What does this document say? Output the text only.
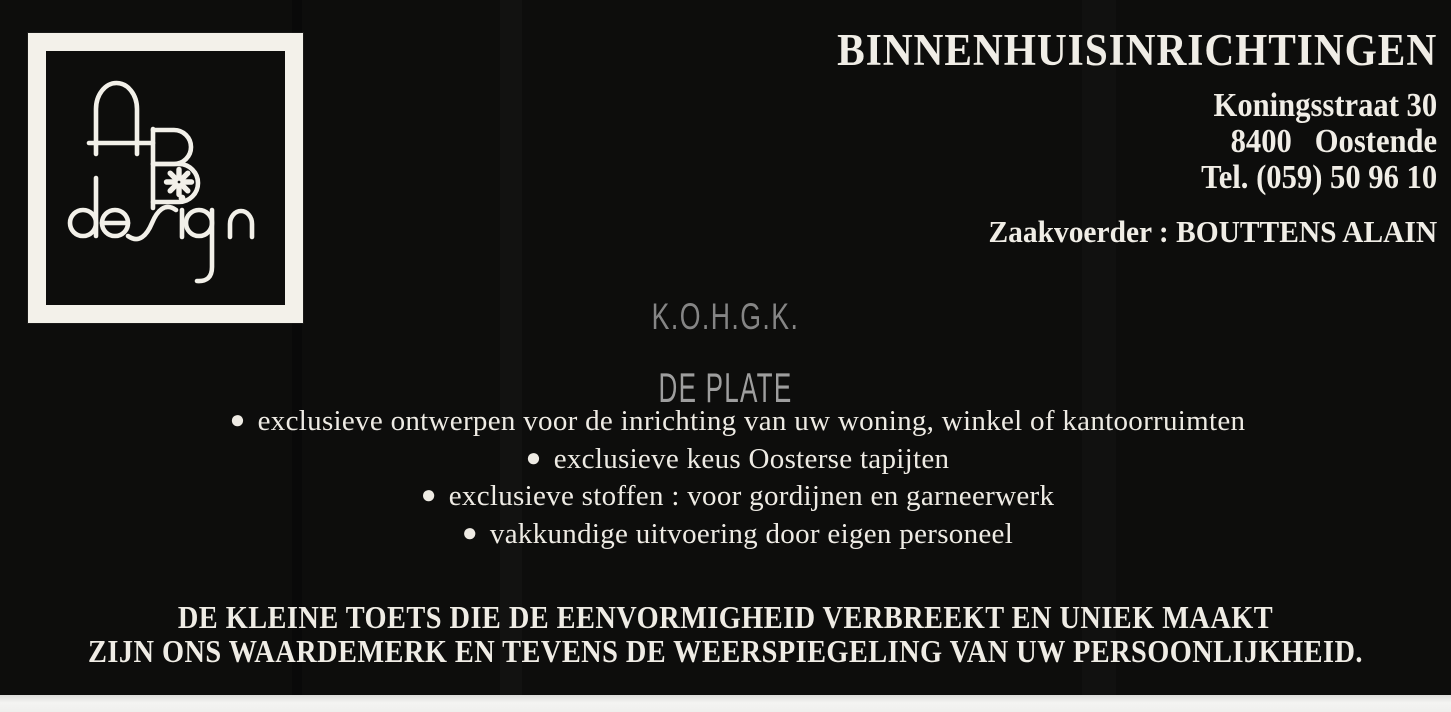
BINNENHUISINRICHTINGEN
Koningsstraat 30
8400   Oostende
Tel. (059) 50 96 10
Zaakvoerder : BOUTTENS ALAIN
K.O.H.G.K.
DE PLATE
● exclusieve ontwerpen voor de inrichting van uw woning, winkel of kantoorruimten
● exclusieve keus Oosterse tapijten
● exclusieve stoffen : voor gordijnen en garneerwerk
● vakkundige uitvoering door eigen personeel
DE KLEINE TOETS DIE DE EENVORMIGHEID VERBREEKT EN UNIEK MAAKT
ZIJN ONS WAARDEMERK EN TEVENS DE WEERSPIEGELING VAN UW PERSOONLIJKHEID.
